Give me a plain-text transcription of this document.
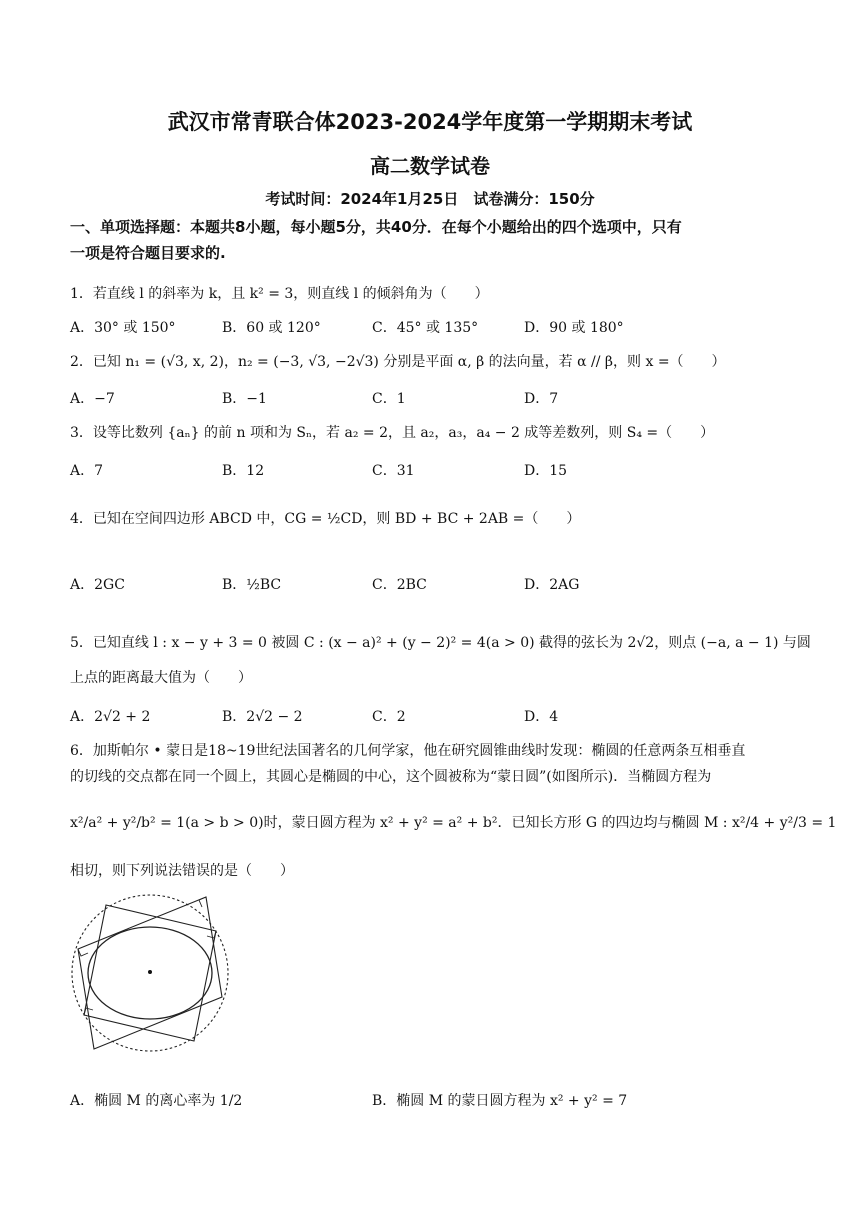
武汉市常青联合体2023-2024学年度第一学期期末考试
高二数学试卷
考试时间：2024年1月25日　试卷满分：150分
一、单项选择题：本题共8小题，每小题5分，共40分．在每个小题给出的四个选项中，只有
一项是符合题目要求的.
1．若直线 l 的斜率为 k，且 k² = 3，则直线 l 的倾斜角为（　　）
A．30° 或 150°	B．60 或 120°	C．45° 或 135°	D．90 或 180°
2．已知 n₁ = (√3, x, 2)，n₂ = (−3, √3, −2√3) 分别是平面 α, β 的法向量，若 α // β，则 x =（　　）
A．−7	B．−1	C．1	D．7
3．设等比数列 {aₙ} 的前 n 项和为 Sₙ，若 a₂ = 2，且 a₂，a₃，a₄ − 2 成等差数列，则 S₄ =（　　）
A．7	B．12	C．31	D．15
4．已知在空间四边形 ABCD 中，CG = ½CD，则 BD + BC + 2AB =（　　）
A．2GC	B．½BC	C．2BC	D．2AG
5．已知直线 l : x − y + 3 = 0 被圆 C : (x − a)² + (y − 2)² = 4(a > 0) 截得的弦长为 2√2，则点 (−a, a − 1) 与圆
上点的距离最大值为（　　）
A．2√2 + 2	B．2√2 − 2	C．2	D．4
6．加斯帕尔 • 蒙日是18~19世纪法国著名的几何学家，他在研究圆锥曲线时发现：椭圆的任意两条互相垂直
的切线的交点都在同一个圆上，其圆心是椭圆的中心，这个圆被称为“蒙日圆”(如图所示)．当椭圆方程为
x²/a² + y²/b² = 1(a > b > 0)时，蒙日圆方程为 x² + y² = a² + b²．已知长方形 G 的四边均与椭圆 M : x²/4 + y²/3 = 1
相切，则下列说法错误的是（　　）
A．椭圆 M 的离心率为 1/2	B．椭圆 M 的蒙日圆方程为 x² + y² = 7
